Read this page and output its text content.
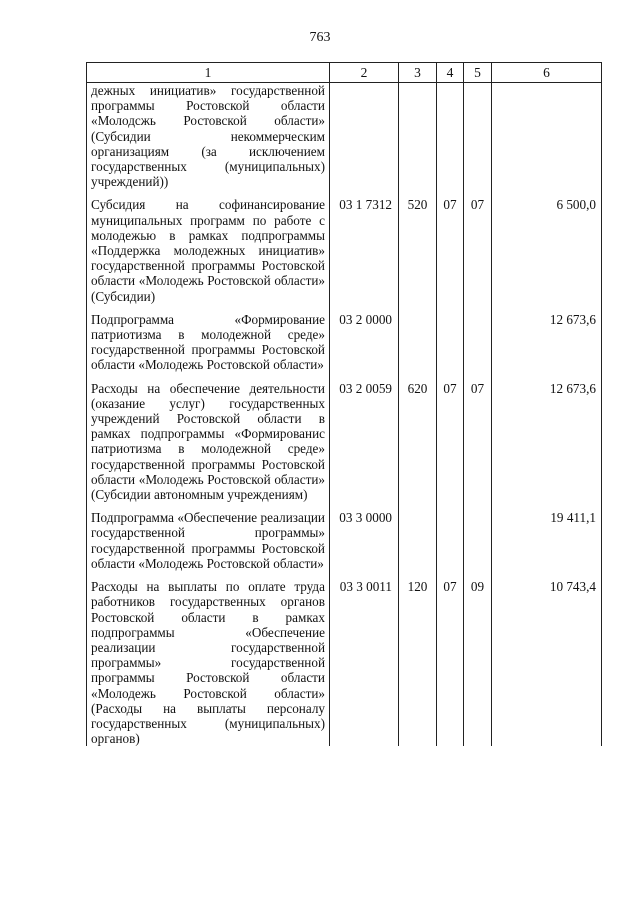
763
1	2	3	4	5	6
дежных инициатив» государственной программы Ростовской области «Молодсжь Ростовской области» (Субсидии некоммерческим организациям (за исключением государственных (муниципальных) учреждений))					

Субсидия на софинансирование муниципальных программ по работе с молодежью в рамках подпрограммы «Поддержка молодежных инициатив» государственной программы Ростовской области «Молодежь Ростовской области» (Субсидии)	03 1 7312	520	07	07	6 500,0

Подпрограмма «Формирование патриотизма в молодежной среде» государственной программы Ростовской области «Молодежь Ростовской области»	03 2 0000				12 673,6

Расходы на обеспечение деятельности (оказание услуг) государственных учреждений Ростовской области в рамках подпрограммы «Формированис патриотизма в молодежной среде» государственной программы Ростовской области «Молодежь Ростовской области» (Субсидии автономным учреждениям)	03 2 0059	620	07	07	12 673,6

Подпрограмма «Обеспечение реализации государственной программы» государственной программы Ростовской области «Молодежь Ростовской области»	03 3 0000				19 411,1

Расходы на выплаты по оплате труда работников государственных органов Ростовской области в рамках подпрограммы «Обеспечение реализации государственной программы» государственной программы Ростовской области «Молодежь Ростовской области» (Расходы на выплаты персоналу государственных (муниципальных) органов)	03 3 0011	120	07	09	10 743,4
